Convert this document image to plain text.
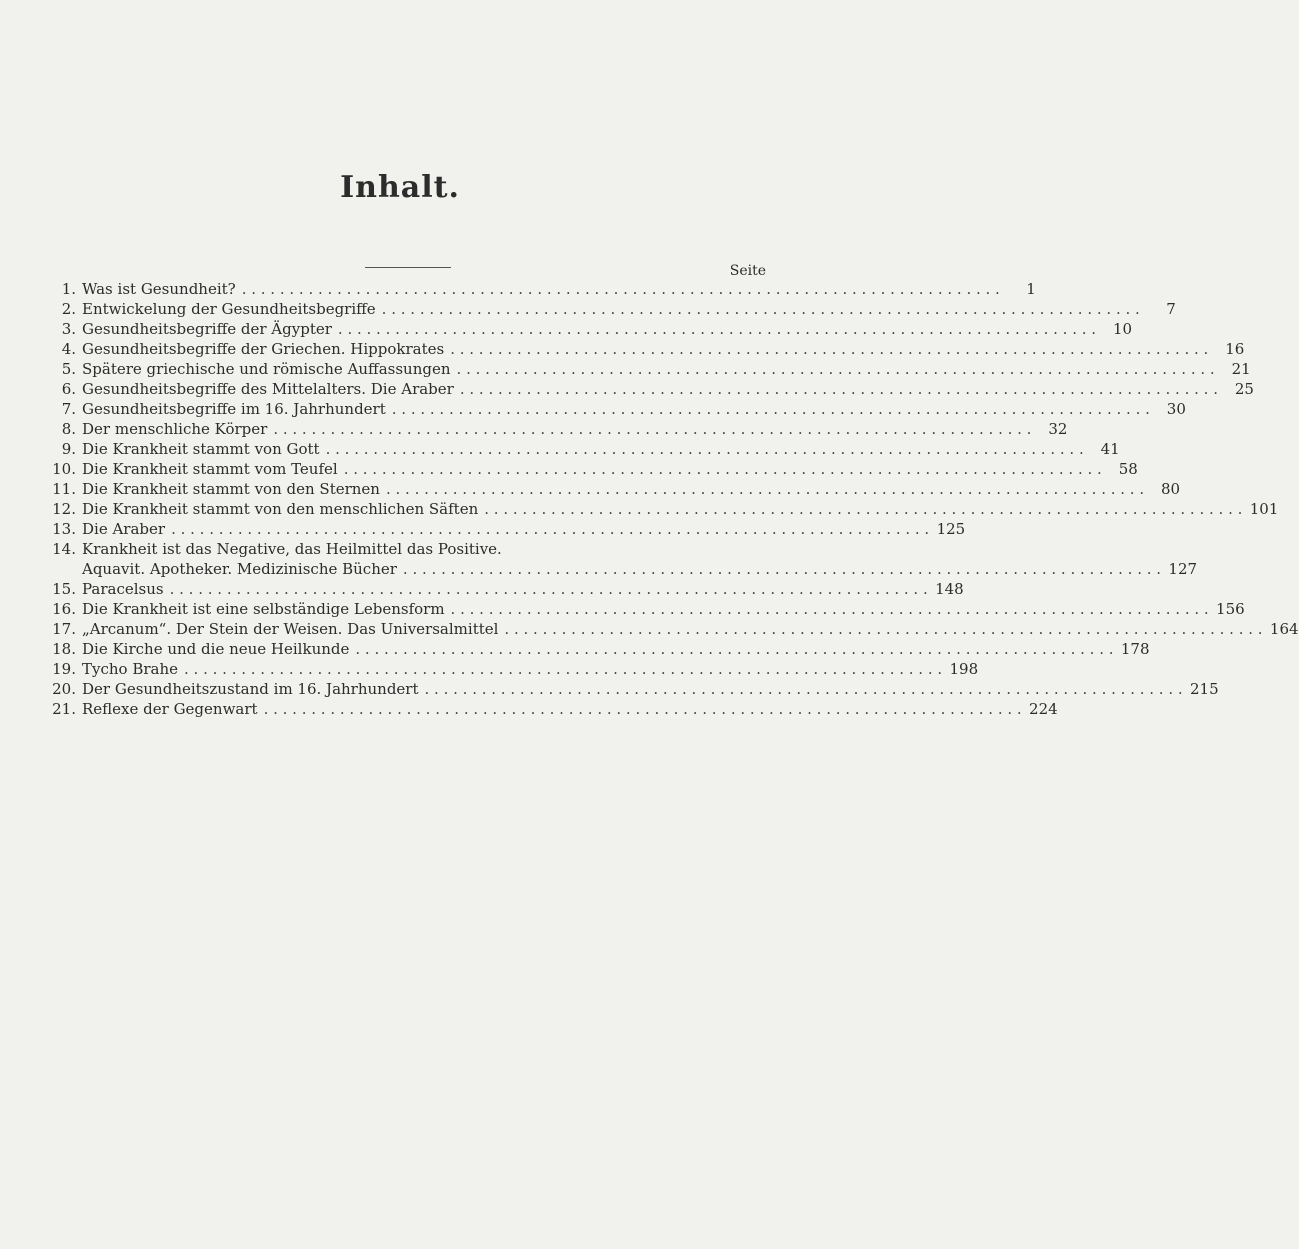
Inhalt.
Seite
1. Was ist Gesundheit? . . .	1
2. Entwickelung der Gesundheitsbegriffe . . .	7
3. Gesundheitsbegriffe der Ägypter . . .	10
4. Gesundheitsbegriffe der Griechen. Hippokrates . . .	16
5. Spätere griechische und römische Auffassungen . . .	21
6. Gesundheitsbegriffe des Mittelalters. Die Araber . . .	25
7. Gesundheitsbegriffe im 16. Jahrhundert . . .	30
8. Der menschliche Körper . . .	32
9. Die Krankheit stammt von Gott . . .	41
10. Die Krankheit stammt vom Teufel . . .	58
11. Die Krankheit stammt von den Sternen . . .	80
12. Die Krankheit stammt von den menschlichen Säften . . .	101
13. Die Araber . . .	125
14. Krankheit ist das Negative, das Heilmittel das Positive.
Aquavit. Apotheker. Medizinische Bücher . . .	127
15. Paracelsus . . .	148
16. Die Krankheit ist eine selbständige Lebensform . . .	156
17. „Arcanum“. Der Stein der Weisen. Das Universalmittel . . .	164
18. Die Kirche und die neue Heilkunde . . .	178
19. Tycho Brahe . . .	198
20. Der Gesundheitszustand im 16. Jahrhundert . . .	215
21. Reflexe der Gegenwart . . .	224
